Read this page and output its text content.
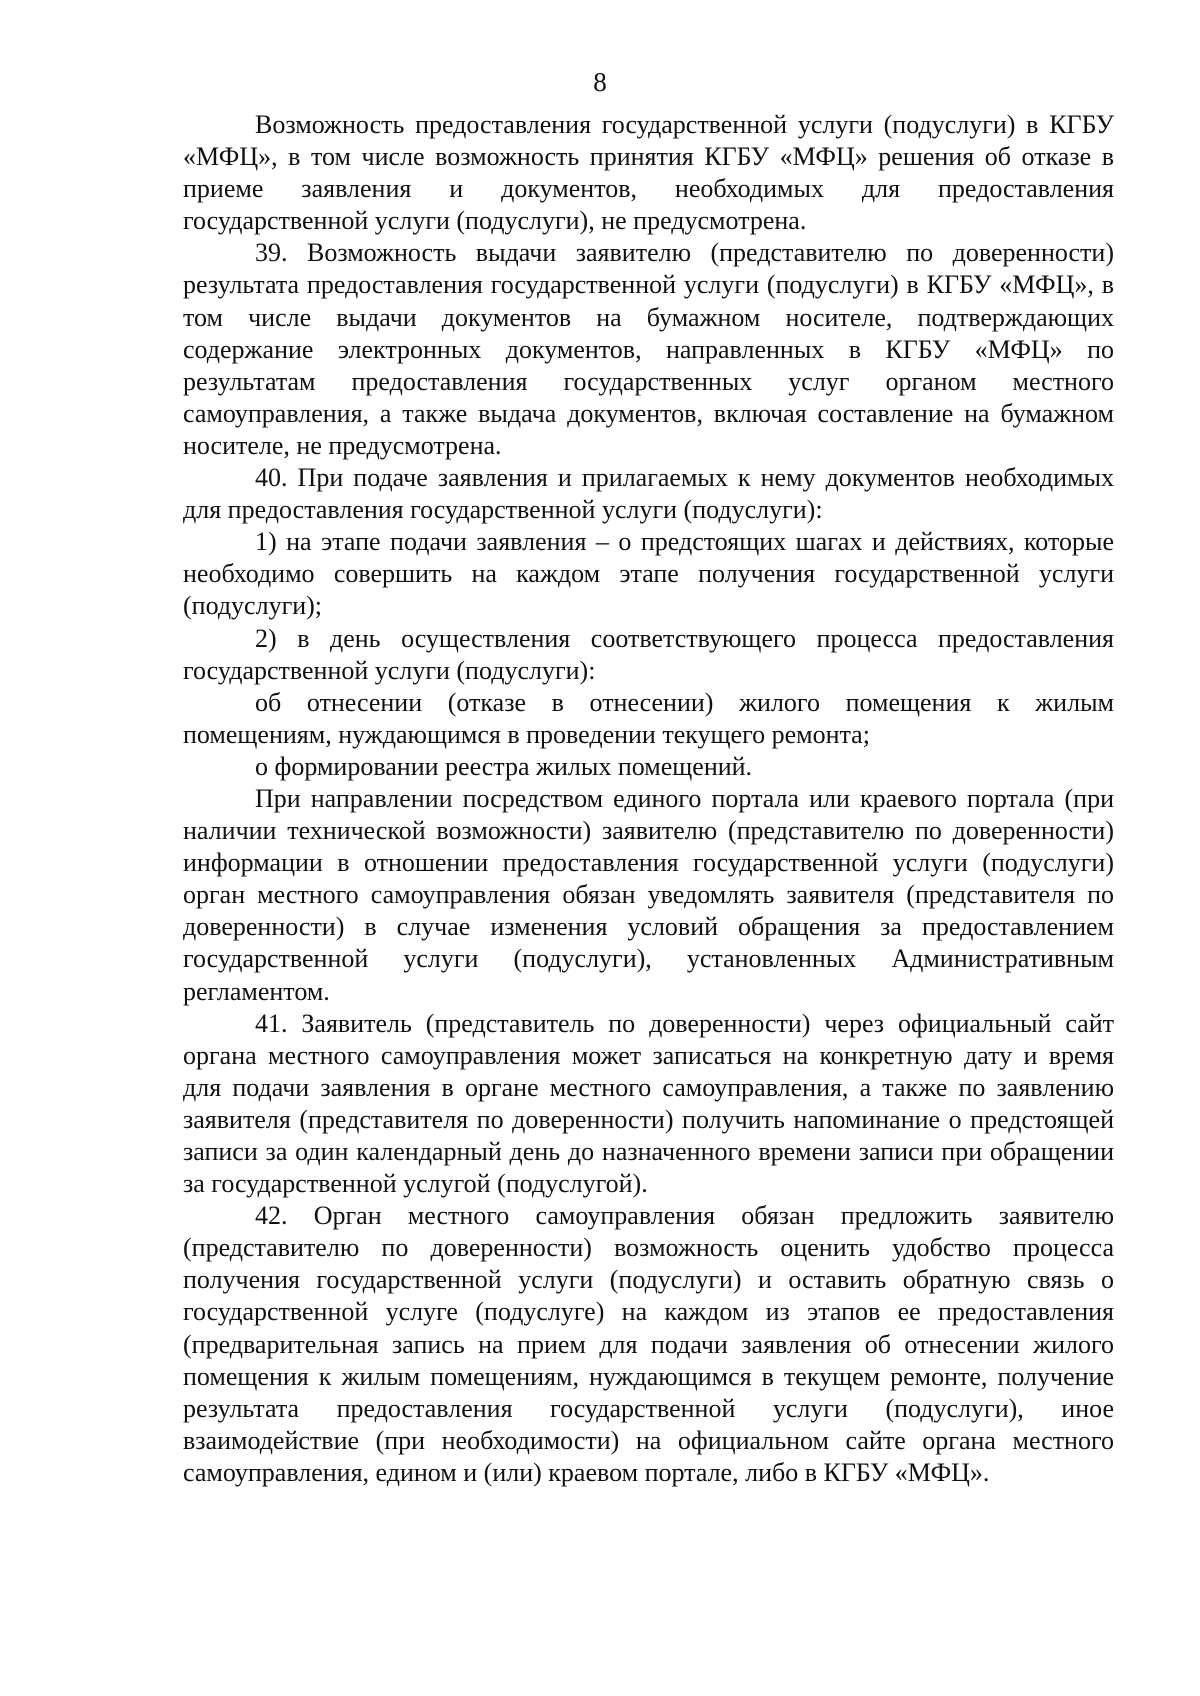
8

Возможность предоставления государственной услуги (подуслуги) в КГБУ «МФЦ», в том числе возможность принятия КГБУ «МФЦ» решения об отказе в приеме заявления и документов, необходимых для предоставления государственной услуги (подуслуги), не предусмотрена.

39. Возможность выдачи заявителю (представителю по доверенности) результата предоставления государственной услуги (подуслуги) в КГБУ «МФЦ», в том числе выдачи документов на бумажном носителе, подтверждающих содержание электронных документов, направленных в КГБУ «МФЦ» по результатам предоставления государственных услуг органом местного самоуправления, а также выдача документов, включая составление на бумажном носителе, не предусмотрена.

40. При подаче заявления и прилагаемых к нему документов необходимых для предоставления государственной услуги (подуслуги):

1) на этапе подачи заявления – о предстоящих шагах и действиях, которые необходимо совершить на каждом этапе получения государственной услуги (подуслуги);

2) в день осуществления соответствующего процесса предоставления государственной услуги (подуслуги):

об отнесении (отказе в отнесении) жилого помещения к жилым помещениям, нуждающимся в проведении текущего ремонта;

о формировании реестра жилых помещений.

При направлении посредством единого портала или краевого портала (при наличии технической возможности) заявителю (представителю по доверенности) информации в отношении предоставления государственной услуги (подуслуги) орган местного самоуправления обязан уведомлять заявителя (представителя по доверенности) в случае изменения условий обращения за предоставлением государственной услуги (подуслуги), установленных Административным регламентом.

41. Заявитель (представитель по доверенности) через официальный сайт органа местного самоуправления может записаться на конкретную дату и время для подачи заявления в органе местного самоуправления, а также по заявлению заявителя (представителя по доверенности) получить напоминание о предстоящей записи за один календарный день до назначенного времени записи при обращении за государственной услугой (подуслугой).

42. Орган местного самоуправления обязан предложить заявителю (представителю по доверенности) возможность оценить удобство процесса получения государственной услуги (подуслуги) и оставить обратную связь о государственной услуге (подуслуге) на каждом из этапов ее предоставления (предварительная запись на прием для подачи заявления об отнесении жилого помещения к жилым помещениям, нуждающимся в текущем ремонте, получение результата предоставления государственной услуги (подуслуги), иное взаимодействие (при необходимости) на официальном сайте органа местного самоуправления, едином и (или) краевом портале, либо в КГБУ «МФЦ».
